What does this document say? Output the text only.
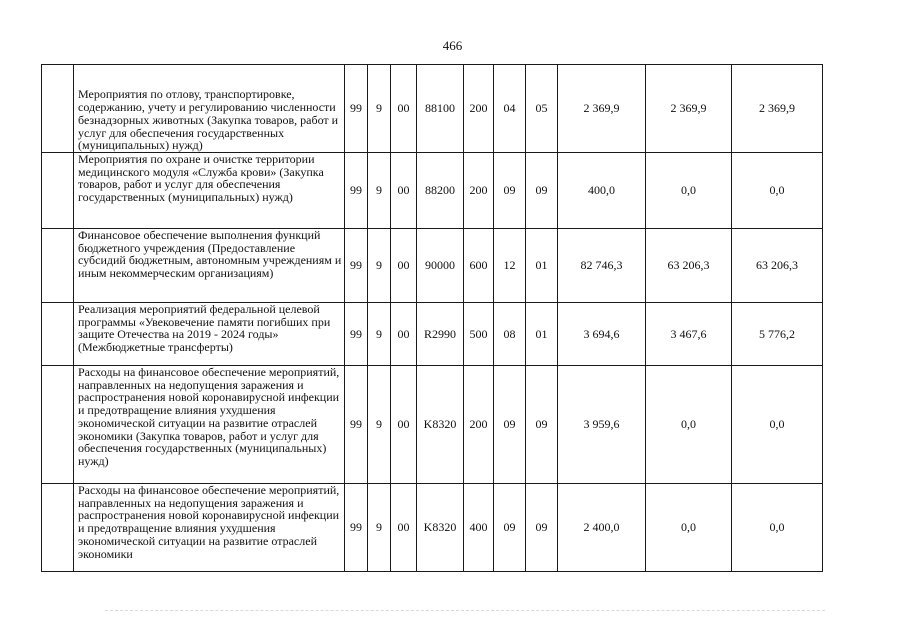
466
	Мероприятия по отлову, транспортировке, содержанию, учету и регулированию численности безнадзорных животных (Закупка товаров, работ и услуг для обеспечения государственных (муниципальных) нужд)	99	9	00	88100	200	04	05	2 369,9	2 369,9	2 369,9
	Мероприятия по охране и очистке территории медицинского модуля «Служба крови» (Закупка товаров, работ и услуг для обеспечения государственных (муниципальных) нужд)	99	9	00	88200	200	09	09	400,0	0,0	0,0
	Финансовое обеспечение выполнения функций бюджетного учреждения (Предоставление субсидий бюджетным, автономным учреждениям и иным некоммерческим организациям)	99	9	00	90000	600	12	01	82 746,3	63 206,3	63 206,3
	Реализация мероприятий федеральной целевой программы «Увековечение памяти погибших при защите Отечества на 2019 - 2024 годы» (Межбюджетные трансферты)	99	9	00	R2990	500	08	01	3 694,6	3 467,6	5 776,2
	Расходы на финансовое обеспечение мероприятий, направленных на недопущения заражения и распространения новой коронавирусной инфекции и предотвращение влияния ухудшения экономической ситуации на развитие отраслей экономики (Закупка товаров, работ и услуг для обеспечения государственных (муниципальных) нужд)	99	9	00	K8320	200	09	09	3 959,6	0,0	0,0
	Расходы на финансовое обеспечение мероприятий, направленных на недопущения заражения и распространения новой коронавирусной инфекции и предотвращение влияния ухудшения экономической ситуации на развитие отраслей экономики	99	9	00	K8320	400	09	09	2 400,0	0,0	0,0
